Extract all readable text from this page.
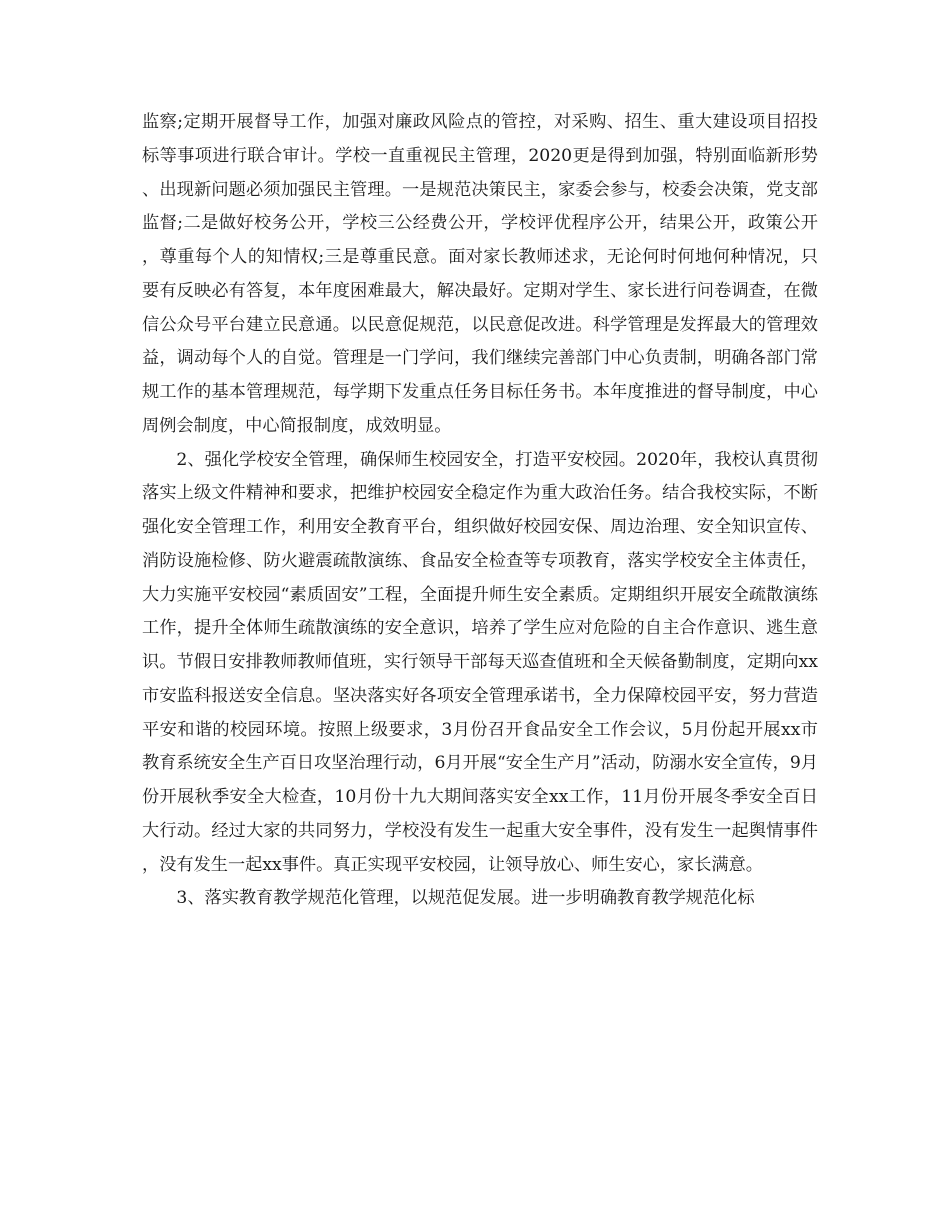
监察;定期开展督导工作，加强对廉政风险点的管控，对采购、招生、重大建设项目招投标等事项进行联合审计。学校一直重视民主管理，2020更是得到加强，特别面临新形势、出现新问题必须加强民主管理。一是规范决策民主，家委会参与，校委会决策，党支部监督;二是做好校务公开，学校三公经费公开，学校评优程序公开，结果公开，政策公开，尊重每个人的知情权;三是尊重民意。面对家长教师述求，无论何时何地何种情况，只要有反映必有答复，本年度困难最大，解决最好。定期对学生、家长进行问卷调查，在微信公众号平台建立民意通。以民意促规范，以民意促改进。科学管理是发挥最大的管理效益，调动每个人的自觉。管理是一门学问，我们继续完善部门中心负责制，明确各部门常规工作的基本管理规范，每学期下发重点任务目标任务书。本年度推进的督导制度，中心周例会制度，中心简报制度，成效明显。

2、强化学校安全管理，确保师生校园安全，打造平安校园。2020年，我校认真贯彻落实上级文件精神和要求，把维护校园安全稳定作为重大政治任务。结合我校实际，不断强化安全管理工作，利用安全教育平台，组织做好校园安保、周边治理、安全知识宣传、消防设施检修、防火避震疏散演练、食品安全检查等专项教育，落实学校安全主体责任，大力实施平安校园“素质固安”工程，全面提升师生安全素质。定期组织开展安全疏散演练工作，提升全体师生疏散演练的安全意识，培养了学生应对危险的自主合作意识、逃生意识。节假日安排教师教师值班，实行领导干部每天巡查值班和全天候备勤制度，定期向xx市安监科报送安全信息。坚决落实好各项安全管理承诺书，全力保障校园平安，努力营造平安和谐的校园环境。按照上级要求，3月份召开食品安全工作会议，5月份起开展xx市教育系统安全生产百日攻坚治理行动，6月开展“安全生产月”活动，防溺水安全宣传，9月份开展秋季安全大检查，10月份十九大期间落实安全xx工作，11月份开展冬季安全百日大行动。经过大家的共同努力，学校没有发生一起重大安全事件，没有发生一起舆情事件，没有发生一起xx事件。真正实现平安校园，让领导放心、师生安心，家长满意。

3、落实教育教学规范化管理，以规范促发展。进一步明确教育教学规范化标
